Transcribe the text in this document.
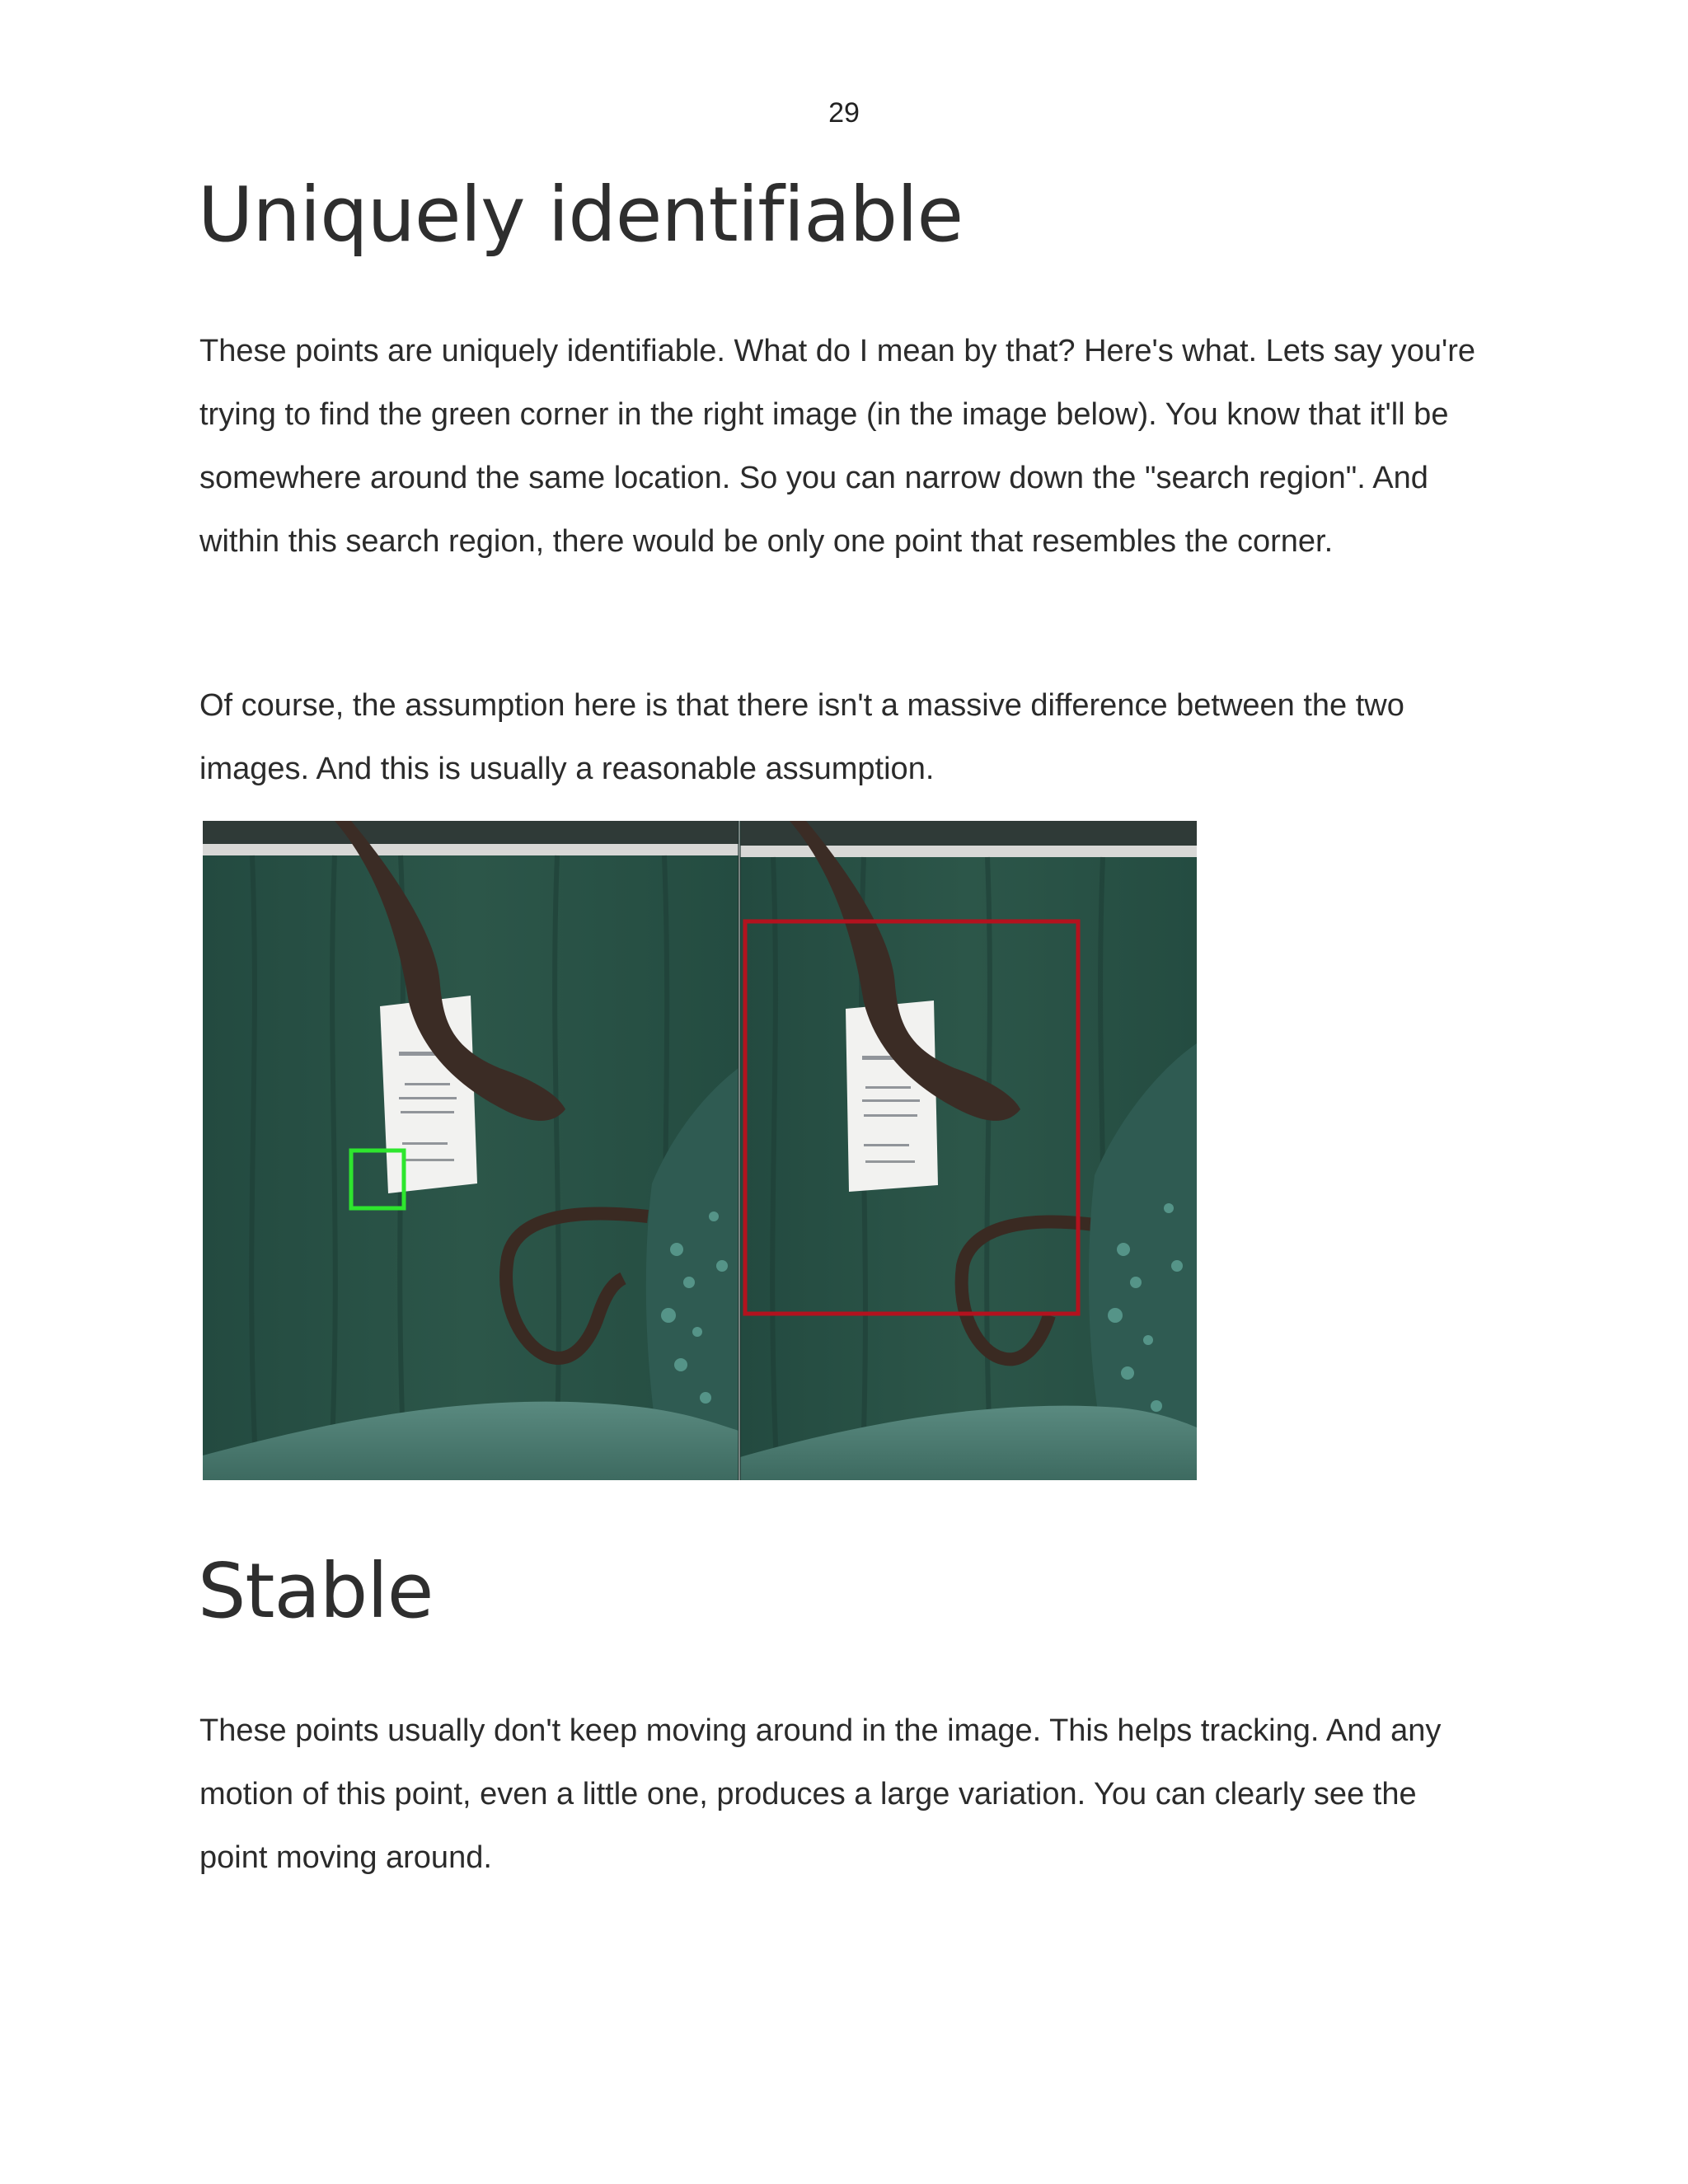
29
Uniquely identifiable

These points are uniquely identifiable. What do I mean by that? Here's what. Lets say you're trying to find the green corner in the right image (in the image below). You know that it'll be somewhere around the same location. So you can narrow down the "search region". And within this search region, there would be only one point that resembles the corner.

Of course, the assumption here is that there isn't a massive difference between the two images. And this is usually a reasonable assumption.

Stable

These points usually don't keep moving around in the image. This helps tracking. And any motion of this point, even a little one, produces a large variation. You can clearly see the point moving around.
